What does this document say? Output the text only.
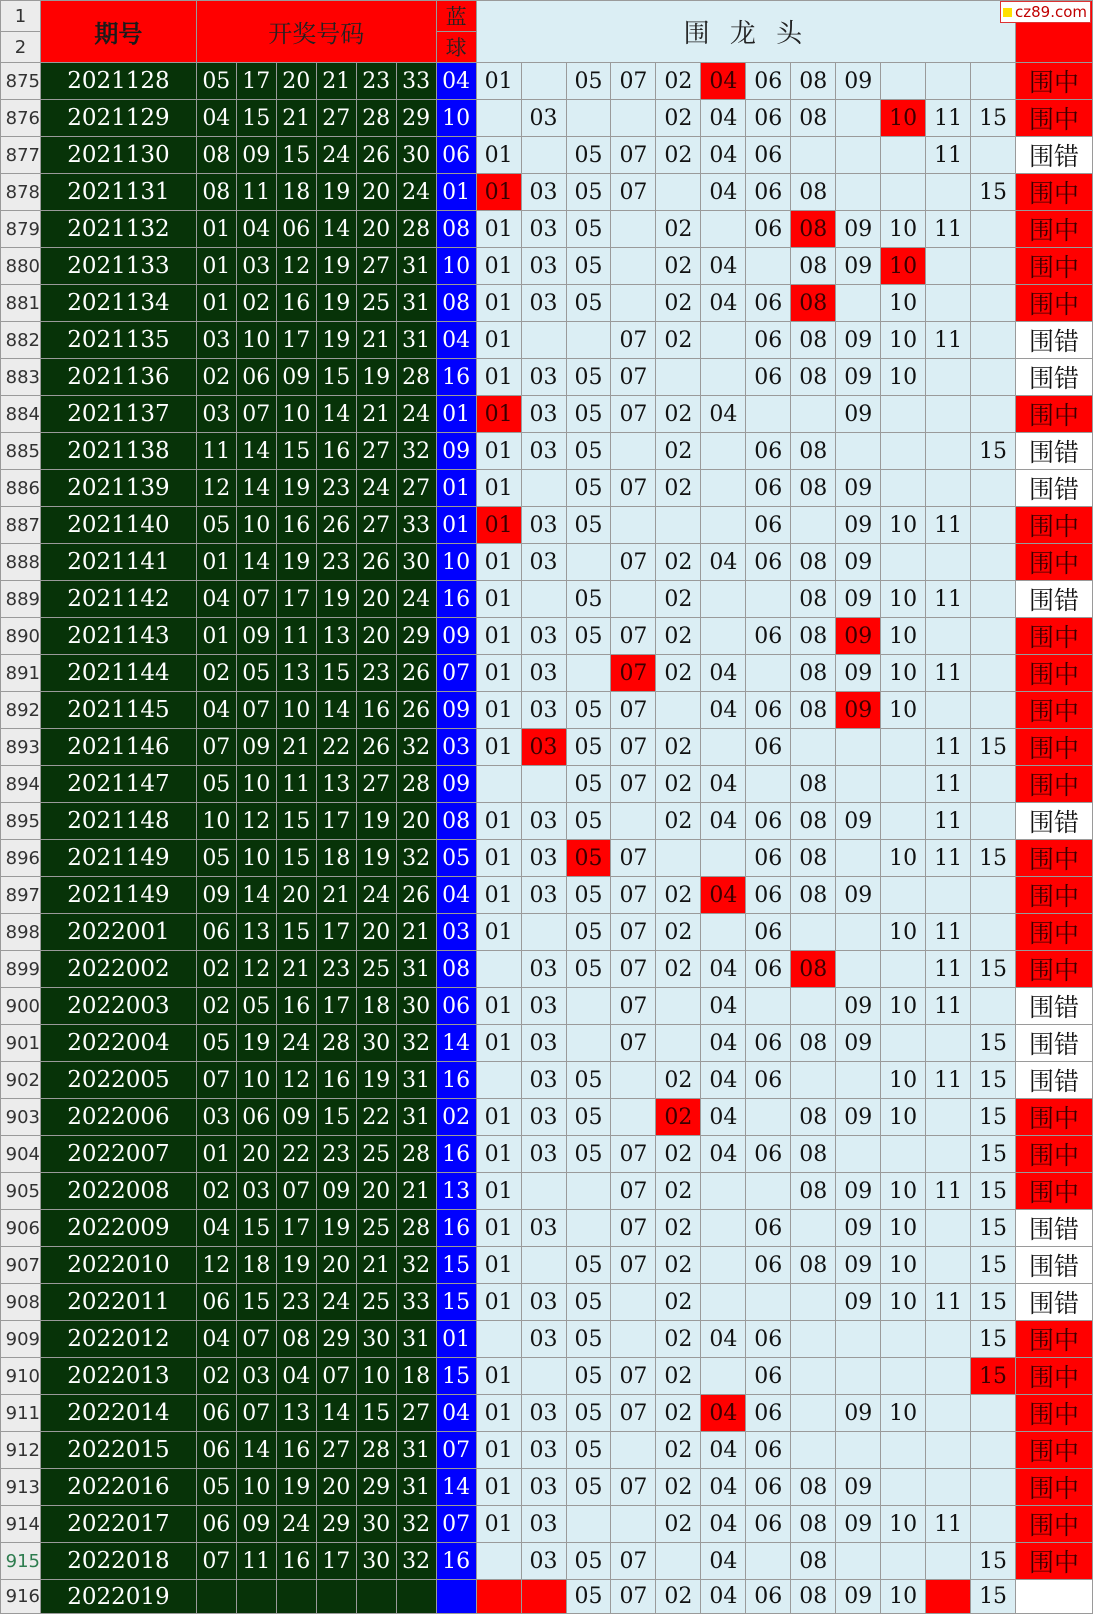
1	期号	开奖号码						蓝	围 龙 头												
2								球													
875	2021128	05	17	20	21	23	33	04	01		05	07	02	04	06	08	09				围中
876	2021129	04	15	21	27	28	29	10		03			02	04	06	08		10	11	15	围中
877	2021130	08	09	15	24	26	30	06	01		05	07	02	04	06				11		围错
878	2021131	08	11	18	19	20	24	01	01	03	05	07		04	06	08				15	围中
879	2021132	01	04	06	14	20	28	08	01	03	05		02		06	08	09	10	11		围中
880	2021133	01	03	12	19	27	31	10	01	03	05		02	04		08	09	10			围中
881	2021134	01	02	16	19	25	31	08	01	03	05		02	04	06	08		10			围中
882	2021135	03	10	17	19	21	31	04	01			07	02		06	08	09	10	11		围错
883	2021136	02	06	09	15	19	28	16	01	03	05	07			06	08	09	10			围错
884	2021137	03	07	10	14	21	24	01	01	03	05	07	02	04			09				围中
885	2021138	11	14	15	16	27	32	09	01	03	05		02		06	08				15	围错
886	2021139	12	14	19	23	24	27	01	01		05	07	02		06	08	09				围错
887	2021140	05	10	16	26	27	33	01	01	03	05				06		09	10	11		围中
888	2021141	01	14	19	23	26	30	10	01	03		07	02	04	06	08	09				围中
889	2021142	04	07	17	19	20	24	16	01		05		02			08	09	10	11		围错
890	2021143	01	09	11	13	20	29	09	01	03	05	07	02		06	08	09	10			围中
891	2021144	02	05	13	15	23	26	07	01	03		07	02	04		08	09	10	11		围中
892	2021145	04	07	10	14	16	26	09	01	03	05	07		04	06	08	09	10			围中
893	2021146	07	09	21	22	26	32	03	01	03	05	07	02		06				11	15	围中
894	2021147	05	10	11	13	27	28	09			05	07	02	04		08			11		围中
895	2021148	10	12	15	17	19	20	08	01	03	05		02	04	06	08	09		11		围错
896	2021149	05	10	15	18	19	32	05	01	03	05	07			06	08		10	11	15	围中
897	2021149	09	14	20	21	24	26	04	01	03	05	07	02	04	06	08	09				围中
898	2022001	06	13	15	17	20	21	03	01		05	07	02		06			10	11		围中
899	2022002	02	12	21	23	25	31	08		03	05	07	02	04	06	08			11	15	围中
900	2022003	02	05	16	17	18	30	06	01	03		07		04			09	10	11		围错
901	2022004	05	19	24	28	30	32	14	01	03		07		04	06	08	09			15	围错
902	2022005	07	10	12	16	19	31	16		03	05		02	04	06			10	11	15	围错
903	2022006	03	06	09	15	22	31	02	01	03	05		02	04		08	09	10		15	围中
904	2022007	01	20	22	23	25	28	16	01	03	05	07	02	04	06	08				15	围中
905	2022008	02	03	07	09	20	21	13	01			07	02			08	09	10	11	15	围中
906	2022009	04	15	17	19	25	28	16	01	03		07	02		06		09	10		15	围错
907	2022010	12	18	19	20	21	32	15	01		05	07	02		06	08	09	10		15	围错
908	2022011	06	15	23	24	25	33	15	01	03	05		02				09	10	11	15	围错
909	2022012	04	07	08	29	30	31	01		03	05		02	04	06					15	围中
910	2022013	02	03	04	07	10	18	15	01		05	07	02		06					15	围中
911	2022014	06	07	13	14	15	27	04	01	03	05	07	02	04	06		09	10			围中
912	2022015	06	14	16	27	28	31	07	01	03	05		02	04	06						围中
913	2022016	05	10	19	20	29	31	14	01	03	05	07	02	04	06	08	09				围中
914	2022017	06	09	24	29	30	32	07	01	03			02	04	06	08	09	10	11		围中
915	2022018	07	11	16	17	30	32	16		03	05	07		04		08				15	围中
916	2022019										05	07	02	04	06	08	09	10		15	
cz89.com
